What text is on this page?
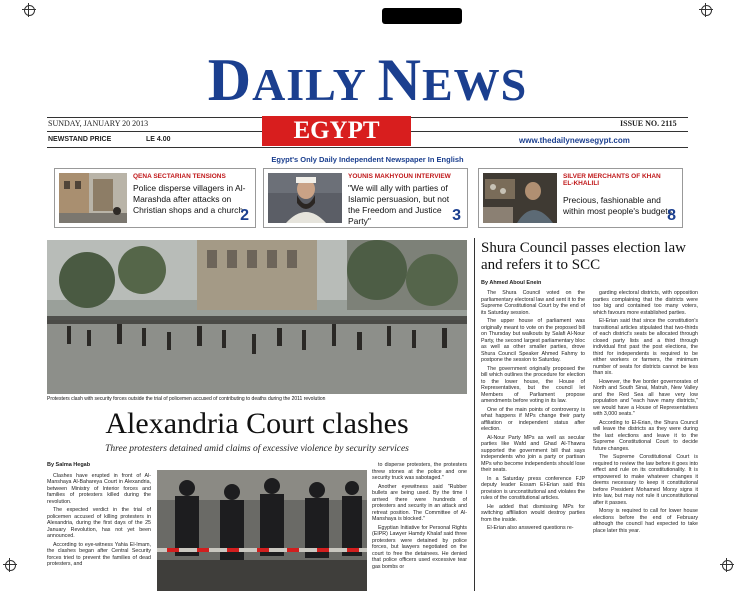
DAILY NEWS
SUNDAY, JANUARY 20 2013	ISSUE NO. 2115
EGYPT
NEWSTAND PRICE	LE 4.00	www.thedailynewsegypt.com
Egypt's Only Daily Independent Newspaper In English
QENA SECTARIAN TENSIONS
Police disperse villagers in Al-Marashda after attacks on Christian shops and a church
2
YOUNIS MAKHYOUN INTERVIEW
"We will ally with parties of Islamic persuasion, but not the Freedom and Justice Party"	3
SILVER MERCHANTS OF KHAN EL-KHALILI
Precious, fashionable and within most people's budgets
8
Protesters clash with security forces outside the trial of policemen accused of contributing to deaths during the 2011 revolution
Alexandria Court clashes
Three protesters detained amid claims of excessive violence by security services
By Salma Hegab

Clashes have erupted in front of Al-Manshaya Al-Bahareya Court in Alexandria, between Ministry of Interior forces and families of protesters killed during the revolution.

The expected verdict in the trial of policemen accused of killing protesters in Alexandria, during the first days of the 25 January Revolution, has not yet been announced.

According to eye-witness Yahia El-Imam, the clashes began after Central Security forces tried to prevent the families of dead protesters, and

to disperse protesters, the protesters threw stones at the police and one security truck was sabotaged."

Another eyewitness said "Rubber bullets are being used. By the time I arrived there were hundreds of protesters and security in an attack and retreat position. The Committee of Al-Manshaya is blocked."

Egyptian Initiative for Personal Rights (EIPR) Lawyer Hamdy Khalaf said three protesters were detained by police forces, but lawyers negotiated on the court to free the detainees. He denied that police officers used excessive tear gas bombs or

Shura Council passes election law and refers it to SCC
By Ahmed Aboul Enein

The Shura Council voted on the parliamentary electoral law and sent it to the Supreme Constitutional Court by the end of its Saturday session.

The upper house of parliament was originally meant to vote on the proposed bill on Thursday but walkouts by Salafi Al-Nour Party, the second largest parliamentary bloc as well as other smaller parties, drove Shura Council Speaker Ahmed Fahmy to postpone the session to Saturday.

The government originally proposed the bill which outlines the procedure for election to the lower house, the House of Representatives, but the council let Members of Parliament propose amendments before voting in its law.

One of the main points of controversy is what happens if MPs change their party affiliation or independent status after election.

Al-Nour Party MPs as well as secular parties like Wafd and Ghad Al-Thawra supported the government bill that says independents who join a party or partisan MPs who become independents should lose their seats.

In a Saturday press conference FJP deputy leader Essam El-Erian said this provision is unconstitutional and violates the rules of the constitutional articles.

He added that dismissing MPs for switching affiliation would destroy parties from the inside.

El-Erian also answered questions re-

garding electoral districts, with opposition parties complaining that the districts were too big and contained too many voters, which favours more established parties.

El-Erian said that since the constitution's transitional articles stipulated that two-thirds of each district's seats be allocated through closed party lists and a third through individual first past the post elections, the third for independents is required to be either workers or farmers, the minimum number of seats for districts cannot be less than six.

However, the five border governorates of North and South Sinai, Matruh, New Valley and the Red Sea all have very low population and "each have many districts," we would have a House of Representatives with 3,000 seats."

According to El-Erian, the Shura Council will leave the districts as they were during the last elections and leave it to the Supreme Constitutional Court to decide future changes.

The Supreme Constitutional Court is required to review the law before it goes into effect and rule on its constitutionality. It is empowered to make whatever changes it deems necessary to keep it constitutional before President Mohamed Morsy signs it into law, but may not rule it unconstitutional after it passes.

Morsy is required to call for lower house elections before the end of February although the council had expected to take place later this year.
